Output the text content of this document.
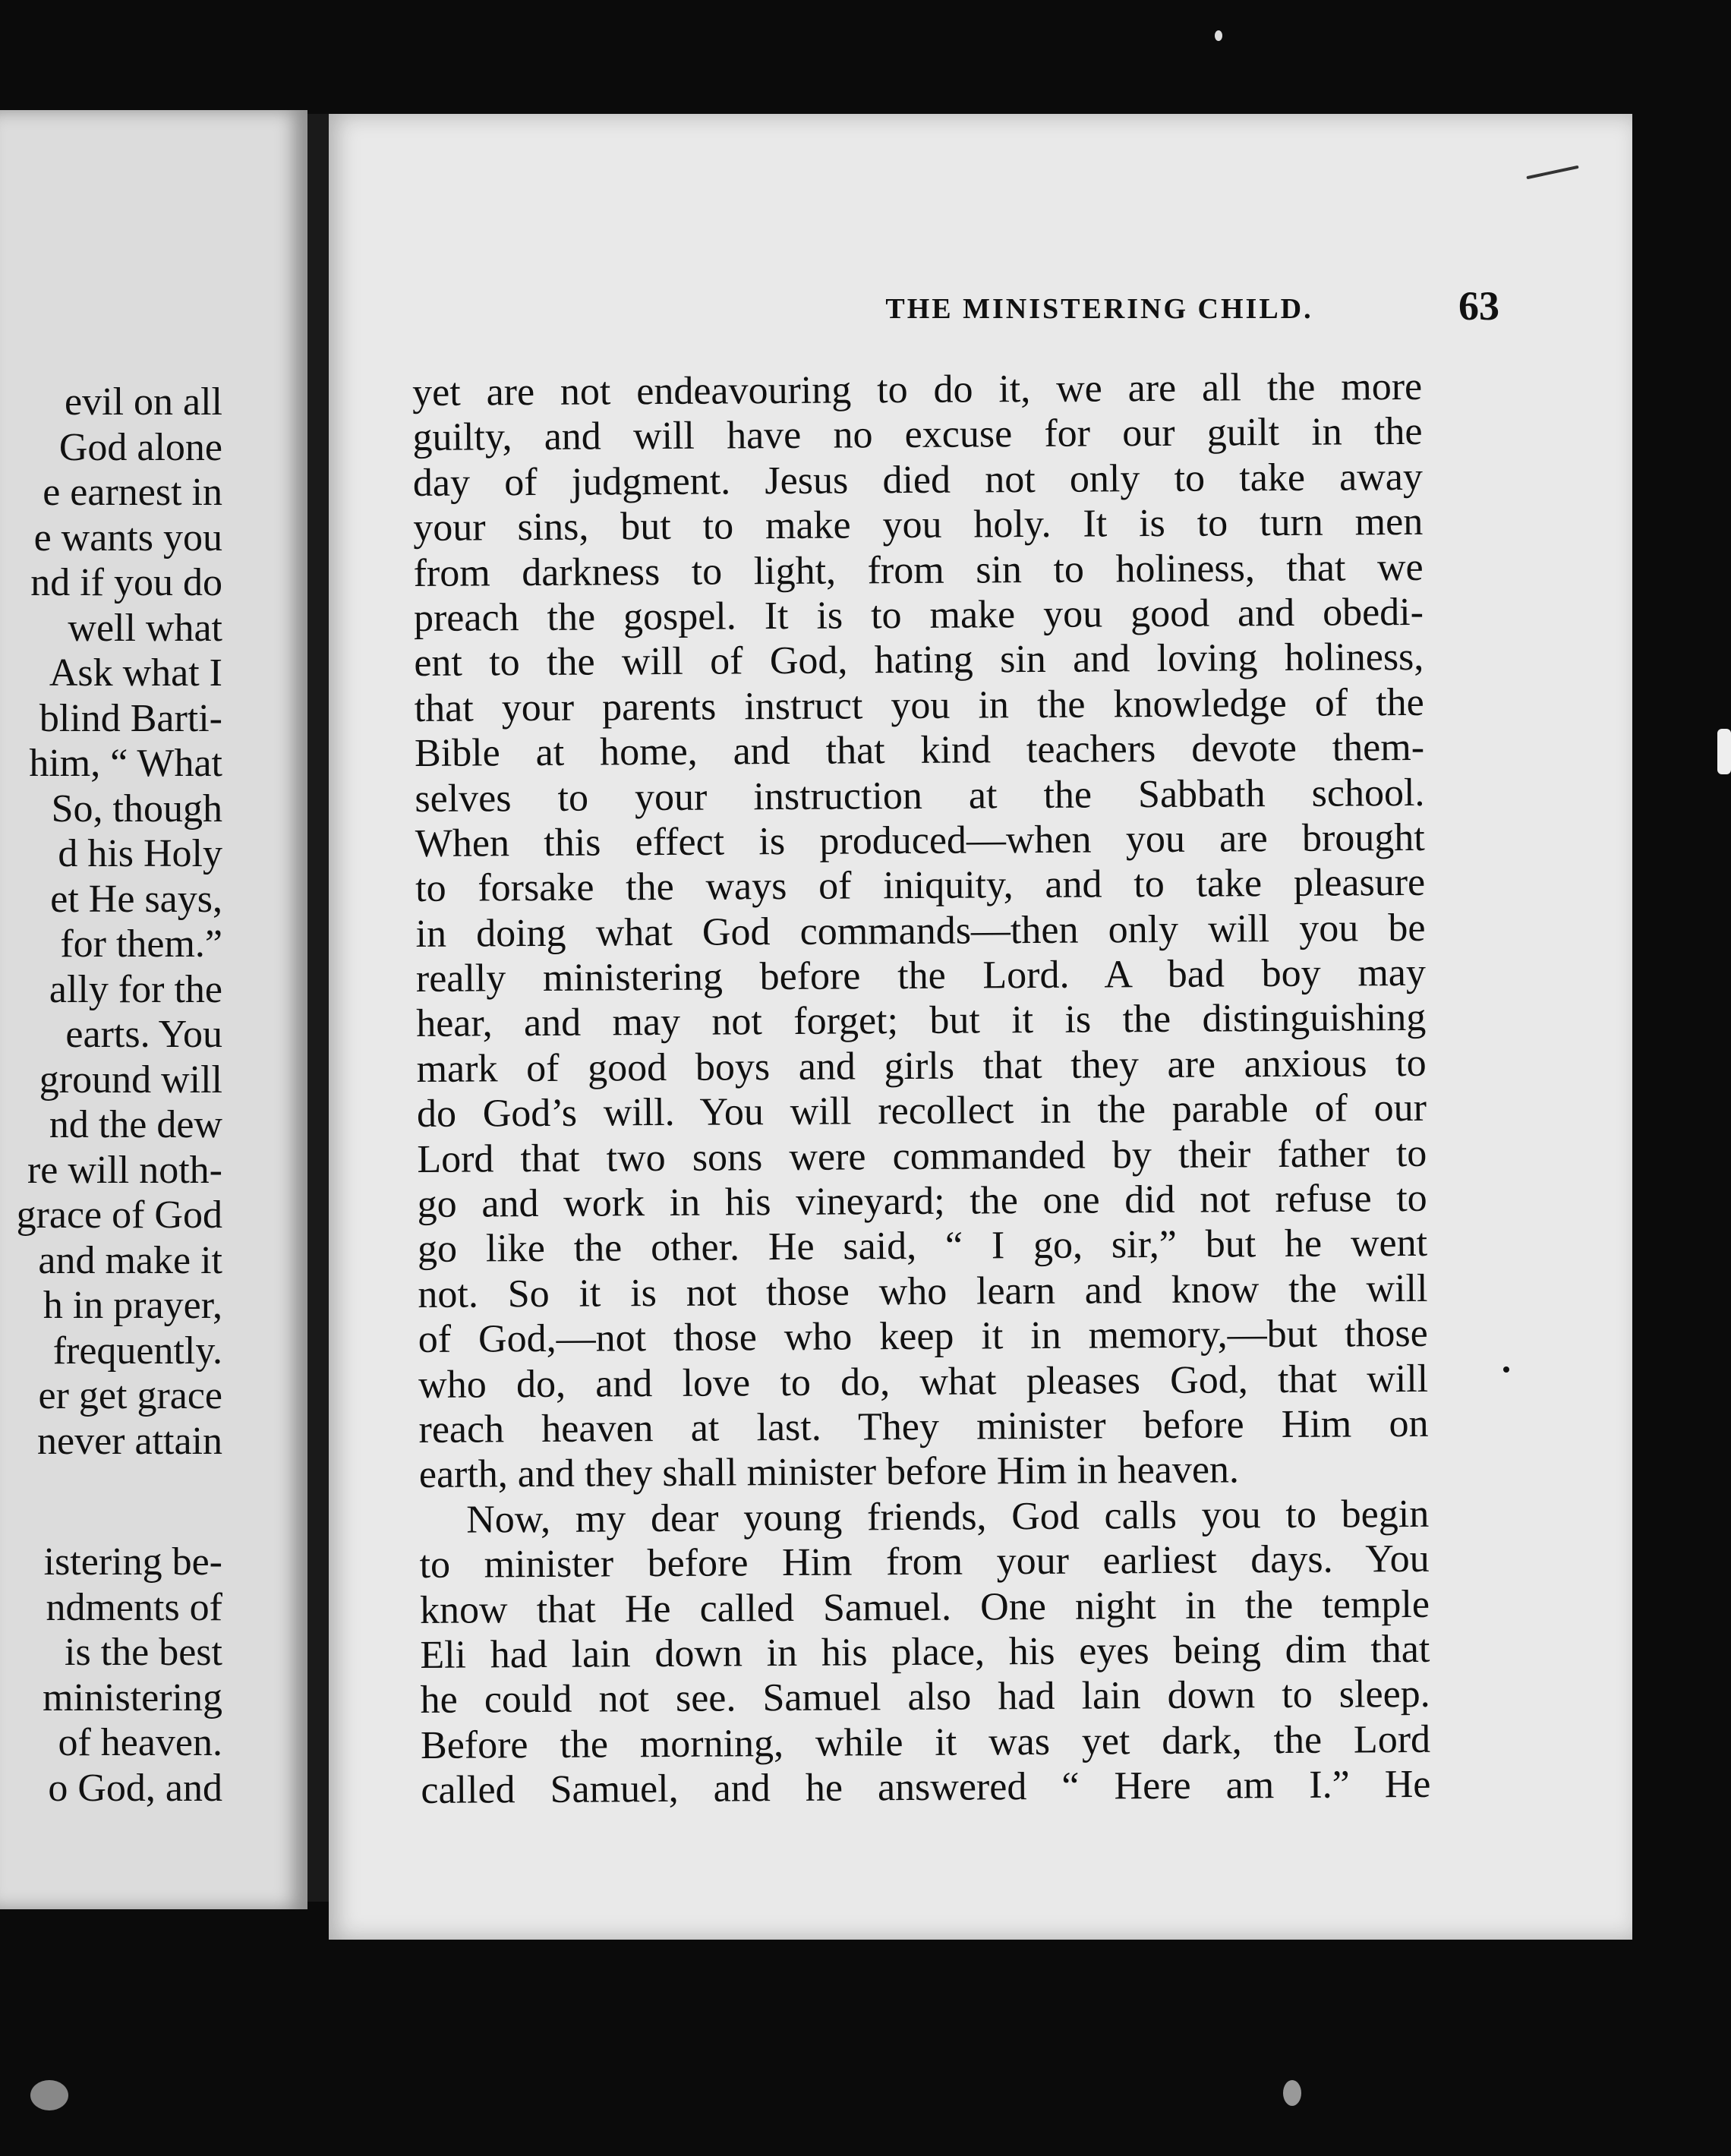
evil on all
God alone
e earnest in
e wants you
nd if you do
well what
Ask what I
blind Barti-
him, “ What
So, though
d his Holy
et He says,
for them.”
ally for the
earts. You
ground will
nd the dew
re will noth-
grace of God
and make it
h in prayer,
frequently.
er get grace
never attain
istering be-
ndments of
is the best
ministering
of heaven.
o God, and
THE MINISTERING CHILD.	63
yet are not endeavouring to do it, we are all the more
guilty, and will have no excuse for our guilt in the
day of judgment. Jesus died not only to take away
your sins, but to make you holy. It is to turn men
from darkness to light, from sin to holiness, that we
preach the gospel. It is to make you good and obedi-
ent to the will of God, hating sin and loving holiness,
that your parents instruct you in the knowledge of the
Bible at home, and that kind teachers devote them-
selves to your instruction at the Sabbath school.
When this effect is produced—when you are brought
to forsake the ways of iniquity, and to take pleasure
in doing what God commands—then only will you be
really ministering before the Lord. A bad boy may
hear, and may not forget; but it is the distinguishing
mark of good boys and girls that they are anxious to
do God’s will. You will recollect in the parable of our
Lord that two sons were commanded by their father to
go and work in his vineyard; the one did not refuse to
go like the other. He said, “ I go, sir,” but he went
not. So it is not those who learn and know the will
of God,—not those who keep it in memory,—but those
who do, and love to do, what pleases God, that will
reach heaven at last. They minister before Him on
earth, and they shall minister before Him in heaven.
Now, my dear young friends, God calls you to begin
to minister before Him from your earliest days. You
know that He called Samuel. One night in the temple
Eli had lain down in his place, his eyes being dim that
he could not see. Samuel also had lain down to sleep.
Before the morning, while it was yet dark, the Lord
called Samuel, and he answered “ Here am I.” He
